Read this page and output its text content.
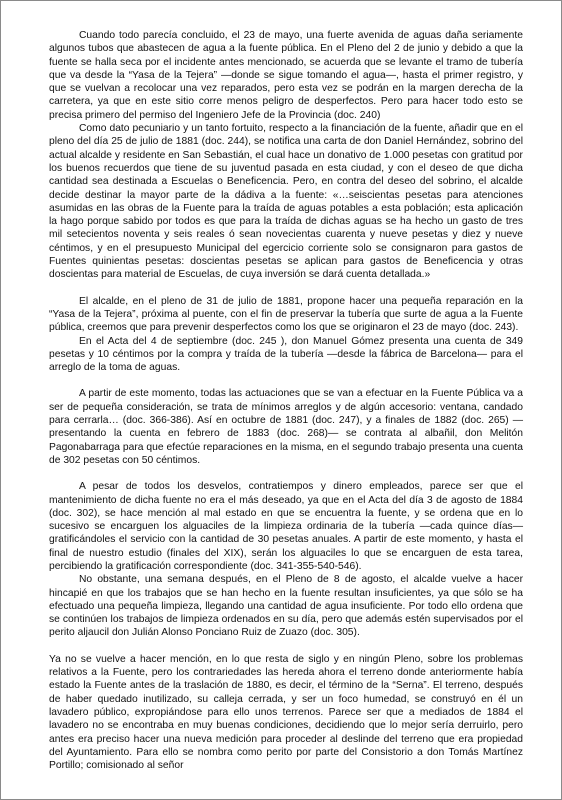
Cuando todo parecía concluido, el 23 de mayo, una fuerte avenida de aguas daña seriamente algunos tubos que abastecen de agua a la fuente pública. En el Pleno del 2 de junio y debido a que la fuente se halla seca por el incidente antes mencionado, se acuerda que se levante el tramo de tubería que va desde la “Yasa de la Tejera” —donde se sigue tomando el agua—, hasta el primer registro, y que se vuelvan a recolocar una vez reparados, pero esta vez se podrán en la margen derecha de la carretera, ya que en este sitio corre menos peligro de desperfectos. Pero para hacer todo esto se precisa primero del permiso del Ingeniero Jefe de la Provincia (doc. 240)

Como dato pecuniario y un tanto fortuito, respecto a la financiación de la fuente, añadir que en el pleno del día 25 de julio de 1881 (doc. 244), se notifica una carta de don Daniel Hernández, sobrino del actual alcalde y residente en San Sebastián, el cual hace un donativo de 1.000 pesetas con gratitud por los buenos recuerdos que tiene de su juventud pasada en esta ciudad, y con el deseo de que dicha cantidad sea destinada a Escuelas o Beneficencia. Pero, en contra del deseo del sobrino, el alcalde decide destinar la mayor parte de la dádiva a la fuente: «…seiscientas pesetas para atenciones asumidas en las obras de la Fuente para la traída de aguas potables a esta población; esta aplicación la hago porque sabido por todos es que para la traída de dichas aguas se ha hecho un gasto de tres mil setecientos noventa y seis reales ó sean novecientas cuarenta y nueve pesetas y diez y nueve céntimos, y en el presupuesto Municipal del egercicio corriente solo se consignaron para gastos de Fuentes quinientas pesetas: doscientas pesetas se aplican para gastos de Beneficencia y otras doscientas para material de Escuelas, de cuya inversión se dará cuenta detallada.»

El alcalde, en el pleno de 31 de julio de 1881, propone hacer una pequeña reparación en la “Yasa de la Tejera”, próxima al puente, con el fin de preservar la tubería que surte de agua a la Fuente pública, creemos que para prevenir desperfectos como los que se originaron el 23 de mayo (doc. 243).

En el Acta del 4 de septiembre (doc. 245 ), don Manuel Gómez presenta una cuenta de 349 pesetas y 10 céntimos por la compra y traída de la tubería —desde la fábrica de Barcelona— para el arreglo de la toma de aguas.

A partir de este momento, todas las actuaciones que se van a efectuar en la Fuente Pública va a ser de pequeña consideración, se trata de mínimos arreglos y de algún accesorio: ventana, candado para cerrarla… (doc. 366-386). Así en octubre de 1881 (doc. 247), y a finales de 1882 (doc. 265) —presentando la cuenta en febrero de 1883 (doc. 268)— se contrata al albañil, don Melitón Pagonabarraga para que efectúe reparaciones en la misma, en el segundo trabajo presenta una cuenta de 302 pesetas con 50 céntimos.

A pesar de todos los desvelos, contratiempos y dinero empleados, parece ser que el mantenimiento de dicha fuente no era el más deseado, ya que en el Acta del día 3 de agosto de 1884 (doc. 302), se hace mención al mal estado en que se encuentra la fuente, y se ordena que en lo sucesivo se encarguen los alguaciles de la limpieza ordinaria de la tubería —cada quince días— gratificándoles el servicio con la cantidad de 30 pesetas anuales. A partir de este momento, y hasta el final de nuestro estudio (finales del XIX), serán los alguaciles lo que se encarguen de esta tarea, percibiendo la gratificación correspondiente (doc. 341-355-540-546).

No obstante, una semana después, en el Pleno de 8 de agosto, el alcalde vuelve a hacer hincapié en que los trabajos que se han hecho en la fuente resultan insuficientes, ya que sólo se ha efectuado una pequeña limpieza, llegando una cantidad de agua insuficiente. Por todo ello ordena que se continúen los trabajos de limpieza ordenados en su día, pero que además estén supervisados por el perito aljaucil don Julián Alonso Ponciano Ruiz de Zuazo (doc. 305).

Ya no se vuelve a hacer mención, en lo que resta de siglo y en ningún Pleno, sobre los problemas relativos a la Fuente, pero los contrariedades las hereda ahora el terreno donde anteriormente había estado la Fuente antes de la traslación de 1880, es decir, el término de la “Serna”. El terreno, después de haber quedado inutilizado, su calleja cerrada, y ser un foco humedad, se construyó en él un lavadero público, expropiándose para ello unos terrenos. Parece ser que a mediados de 1884 el lavadero no se encontraba en muy buenas condiciones, decidiendo que lo mejor sería derruirlo, pero antes era preciso hacer una nueva medición para proceder al deslinde del terreno que era propiedad del Ayuntamiento. Para ello se nombra como perito por parte del Consistorio a don Tomás Martínez Portillo; comisionado al señor
